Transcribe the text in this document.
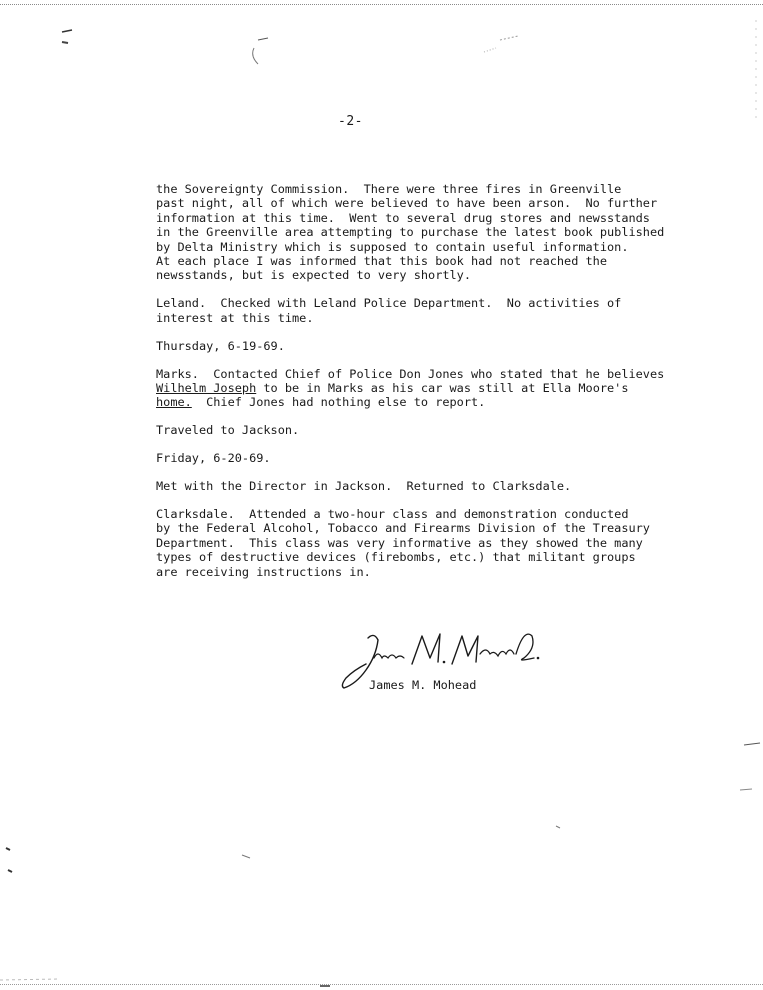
-2-
the Sovereignty Commission.  There were three fires in Greenville
past night, all of which were believed to have been arson.  No further
information at this time.  Went to several drug stores and newsstands
in the Greenville area attempting to purchase the latest book published
by Delta Ministry which is supposed to contain useful information.
At each place I was informed that this book had not reached the
newsstands, but is expected to very shortly.
Leland.  Checked with Leland Police Department.  No activities of
interest at this time.
Thursday, 6-19-69.
Marks.  Contacted Chief of Police Don Jones who stated that he believes
Wilhelm Joseph to be in Marks as his car was still at Ella Moore's
home.  Chief Jones had nothing else to report.
Traveled to Jackson.
Friday, 6-20-69.
Met with the Director in Jackson.  Returned to Clarksdale.
Clarksdale.  Attended a two-hour class and demonstration conducted
by the Federal Alcohol, Tobacco and Firearms Division of the Treasury
Department.  This class was very informative as they showed the many
types of destructive devices (firebombs, etc.) that militant groups
are receiving instructions in.
James M. Mohead
